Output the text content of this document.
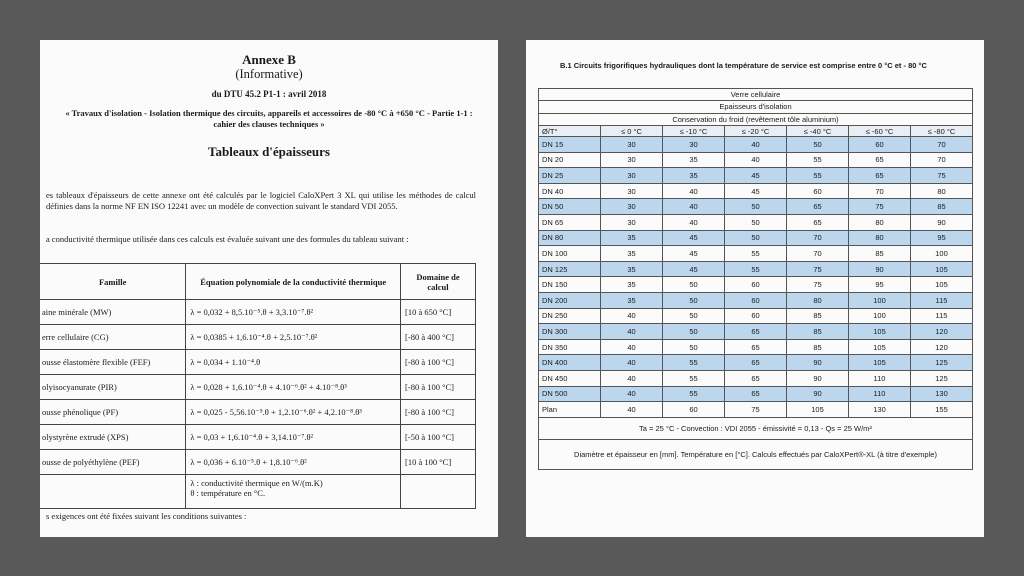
Annexe B
(Informative)
du DTU 45.2 P1-1 : avril 2018
« Travaux d'isolation - Isolation thermique des circuits, appareils et accessoires de -80 °C à +650 °C - Partie 1-1 : cahier des clauses techniques »
Tableaux d'épaisseurs
es tableaux d'épaisseurs de cette annexe ont été calculés par le logiciel CaloXPert 3 XL qui utilise les méthodes de calcul définies dans la norme NF EN ISO 12241 avec un modèle de convection suivant le standard VDI 2055.
a conductivité thermique utilisée dans ces calculs est évaluée suivant une des formules du tableau suivant :
Famille	Équation polynomiale de la conductivité thermique	Domaine de calcul
aine minérale (MW)	λ = 0,032 + 8,5.10⁻⁵.θ + 3,3.10⁻⁷.θ²	[10 à 650 °C]
erre cellulaire (CG)	λ = 0,0385 + 1,6.10⁻⁴.θ + 2,5.10⁻⁷.θ²	[-80 à 400 °C]
ousse élastomère flexible (FEF)	λ = 0,034 + 1.10⁻⁴.θ	[-80 à 100 °C]
olyisocyanurate (PIR)	λ = 0,028 + 1,6.10⁻⁴.θ + 4.10⁻⁶.θ² + 4.10⁻⁸.θ³	[-80 à 100 °C]
ousse phénolique (PF)	λ = 0,025 - 5,56.10⁻⁵.θ + 1,2.10⁻⁶.θ² + 4,2.10⁻⁸.θ³	[-80 à 100 °C]
olystyrène extrudé (XPS)	λ = 0,03 + 1,6.10⁻⁴.θ + 3,14.10⁻⁷.θ²	[-50 à 100 °C]
ousse de polyéthylène (PEF)	λ = 0,036 + 6.10⁻⁵.θ + 1,8.10⁻⁶.θ²	[10 à 100 °C]

	λ : conductivité thermique en W/(m.K)
θ : température en °C.	

s exigences ont été fixées suivant les conditions suivantes :
B.1 Circuits frigorifiques hydrauliques dont la température de service est comprise entre 0 °C et - 80 °C

Verre cellulaire						
Epaisseurs d'isolation						
Conservation du froid (revêtement tôle aluminium)						
Ø/T°	≤ 0 °C	≤ -10 °C	≤ -20 °C	≤ -40 °C	≤ -60 °C	≤ -80 °C
DN 15	30	30	40	50	60	70
DN 20	30	35	40	55	65	70
DN 25	30	35	45	55	65	75
DN 40	30	40	45	60	70	80
DN 50	30	40	50	65	75	85
DN 65	30	40	50	65	80	90
DN 80	35	45	50	70	80	95
DN 100	35	45	55	70	85	100
DN 125	35	45	55	75	90	105
DN 150	35	50	60	75	95	105
DN 200	35	50	60	80	100	115
DN 250	40	50	60	85	100	115
DN 300	40	50	65	85	105	120
DN 350	40	50	65	85	105	120
DN 400	40	55	65	90	105	125
DN 450	40	55	65	90	110	125
DN 500	40	55	65	90	110	130
Plan	40	60	75	105	130	155
Ta = 25 °C - Convection : VDI 2055 - émissivité = 0,13 - Qs = 25 W/m²						
Diamètre et épaisseur en [mm]. Température en [°C]. Calculs effectués par CaloXPert®-XL (à titre d'exemple)						
